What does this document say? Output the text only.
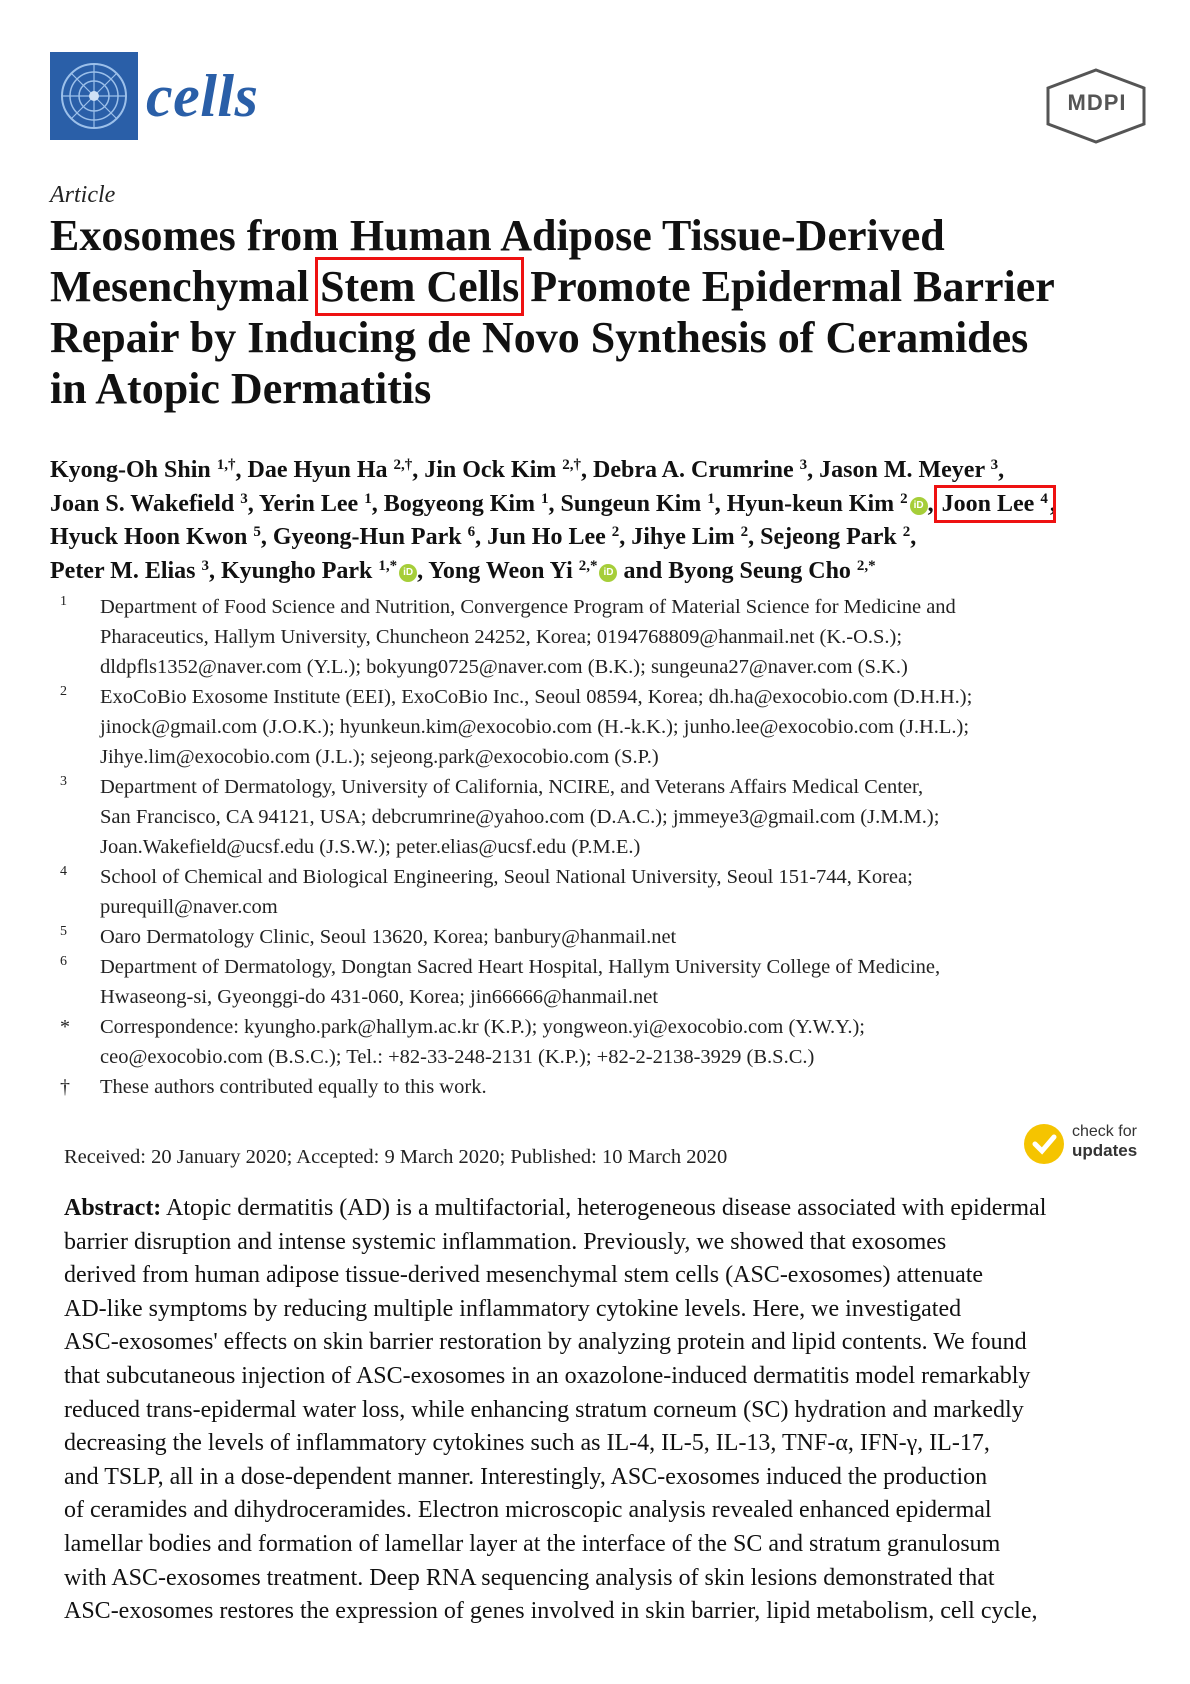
cells	MDPI
Article

Exosomes from Human Adipose Tissue-Derived

Mesenchymal Stem Cells Promote Epidermal Barrier

Repair by Inducing de Novo Synthesis of Ceramides

in Atopic Dermatitis

Kyong-Oh Shin $^{1,\dagger}$, Dae Hyun Ha $^{2,\dagger}$, Jin Ock Kim $^{2,\dagger}$, Debra A. Crumrine $^3$, Jason M. Meyer $^3$,

Joan S. Wakefield $^3$, Yerin Lee $^1$, Bogyeong Kim $^1$, Sungeun Kim $^1$, Hyun-keun Kim $^2$ iD , Joon Lee $^4$,

Hyuck Hoon Kwon $^5$, Gyeong-Hun Park $^6$, Jun Ho Lee $^2$, Jihye Lim $^2$, Sejeong Park $^2$,

Peter M. Elias $^3$, Kyungho Park $^{1,*}$ iD , Yong Weon Yi $^{2,*}$ iD and Byong Seung Cho $^{2,*}$

1 Department of Food Science and Nutrition, Convergence Program of Material Science for Medicine and

Pharaceutics, Hallym University, Chuncheon 24252, Korea; 0194768809@hanmail.net (K.-O.S.);

dldpfls1352@naver.com (Y.L.); bokyung0725@naver.com (B.K.); sungeuna27@naver.com (S.K.)

2 ExoCoBio Exosome Institute (EEI), ExoCoBio Inc., Seoul 08594, Korea; dh.ha@exocobio.com (D.H.H.);

jinock@gmail.com (J.O.K.); hyunkeun.kim@exocobio.com (H.-k.K.); junho.lee@exocobio.com (J.H.L.);

Jihye.lim@exocobio.com (J.L.); sejeong.park@exocobio.com (S.P.)

3 Department of Dermatology, University of California, NCIRE, and Veterans Affairs Medical Center,

San Francisco, CA 94121, USA; debcrumrine@yahoo.com (D.A.C.); jmmeye3@gmail.com (J.M.M.);

Joan.Wakefield@ucsf.edu (J.S.W.); peter.elias@ucsf.edu (P.M.E.)

4 School of Chemical and Biological Engineering, Seoul National University, Seoul 151-744, Korea;

purequill@naver.com

5 Oaro Dermatology Clinic, Seoul 13620, Korea; banbury@hanmail.net

6 Department of Dermatology, Dongtan Sacred Heart Hospital, Hallym University College of Medicine,

Hwaseong-si, Gyeonggi-do 431-060, Korea; jin66666@hanmail.net

* Correspondence: kyungho.park@hallym.ac.kr (K.P.); yongweon.yi@exocobio.com (Y.W.Y.);

ceo@exocobio.com (B.S.C.); Tel.: +82-33-248-2131 (K.P.); +82-2-2138-3929 (B.S.C.)

† These authors contributed equally to this work.

Received: 20 January 2020; Accepted: 9 March 2020; Published: 10 March 2020
check for
updates

Abstract: Atopic dermatitis (AD) is a multifactorial, heterogeneous disease associated with epidermal

barrier disruption and intense systemic inflammation. Previously, we showed that exosomes

derived from human adipose tissue-derived mesenchymal stem cells (ASC-exosomes) attenuate

AD-like symptoms by reducing multiple inflammatory cytokine levels. Here, we investigated

ASC-exosomes' effects on skin barrier restoration by analyzing protein and lipid contents. We found

that subcutaneous injection of ASC-exosomes in an oxazolone-induced dermatitis model remarkably

reduced trans-epidermal water loss, while enhancing stratum corneum (SC) hydration and markedly

decreasing the levels of inflammatory cytokines such as IL-4, IL-5, IL-13, TNF-α, IFN-γ, IL-17,

and TSLP, all in a dose-dependent manner. Interestingly, ASC-exosomes induced the production

of ceramides and dihydroceramides. Electron microscopic analysis revealed enhanced epidermal

lamellar bodies and formation of lamellar layer at the interface of the SC and stratum granulosum

with ASC-exosomes treatment. Deep RNA sequencing analysis of skin lesions demonstrated that

ASC-exosomes restores the expression of genes involved in skin barrier, lipid metabolism, cell cycle,
